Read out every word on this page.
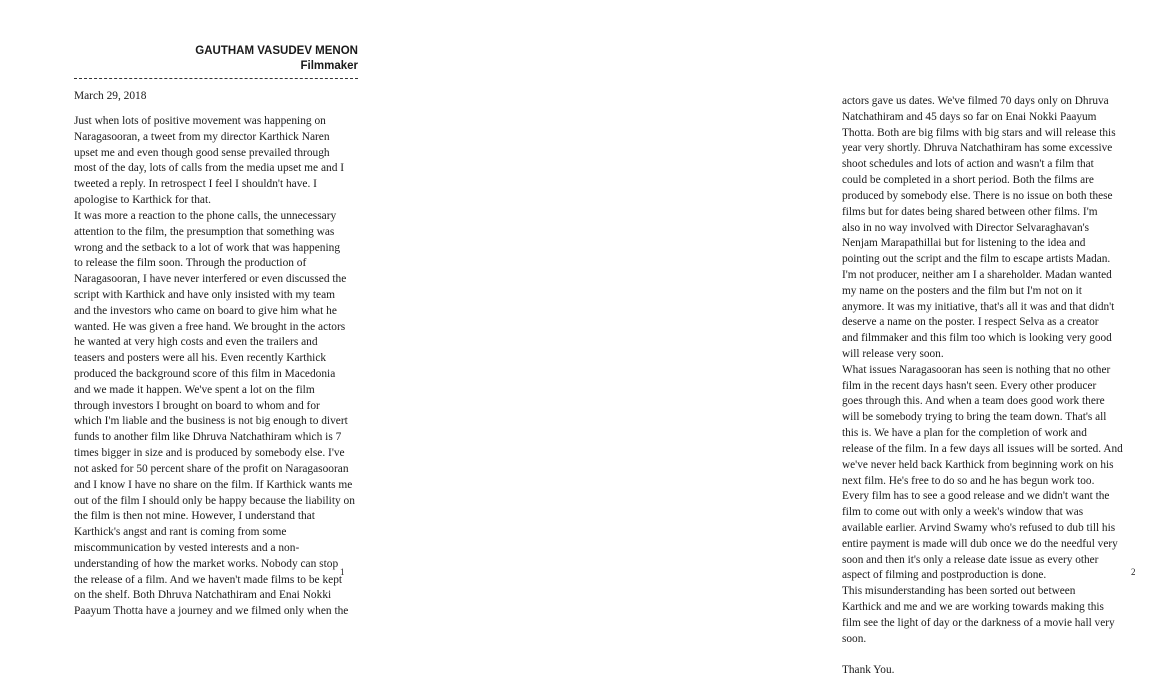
GAUTHAM VASUDEV MENON
Filmmaker
March 29, 2018
Just when lots of positive movement was happening on
Naragasooran, a tweet from my director Karthick Naren
upset me and even though good sense prevailed through
most of the day, lots of calls from the media upset me and I
tweeted a reply. In retrospect I feel I shouldn't have. I
apologise to Karthick for that.
It was more a reaction to the phone calls, the unnecessary
attention to the film, the presumption that something was
wrong and the setback to a lot of work that was happening
to release the film soon. Through the production of
Naragasooran, I have never interfered or even discussed the
script with Karthick and have only insisted with my team
and the investors who came on board to give him what he
wanted. He was given a free hand. We brought in the actors
he wanted at very high costs and even the trailers and
teasers and posters were all his. Even recently Karthick
produced the background score of this film in Macedonia
and we made it happen. We've spent a lot on the film
through investors I brought on board to whom and for
which I'm liable and the business is not big enough to divert
funds to another film like Dhruva Natchathiram which is 7
times bigger in size and is produced by somebody else. I've
not asked for 50 percent share of the profit on Naragasooran
and I know I have no share on the film. If Karthick wants me
out of the film I should only be happy because the liability on
the film is then not mine. However, I understand that
Karthick's angst and rant is coming from some
miscommunication by vested interests and a non-
understanding of how the market works. Nobody can stop
the release of a film. And we haven't made films to be kept
on the shelf. Both Dhruva Natchathiram and Enai Nokki
Paayum Thotta have a journey and we filmed only when the
1
actors gave us dates. We've filmed 70 days only on Dhruva
Natchathiram and 45 days so far on Enai Nokki Paayum
Thotta. Both are big films with big stars and will release this
year very shortly. Dhruva Natchathiram has some excessive
shoot schedules and lots of action and wasn't a film that
could be completed in a short period. Both the films are
produced by somebody else. There is no issue on both these
films but for dates being shared between other films. I'm
also in no way involved with Director Selvaraghavan's
Nenjam Marapathillai but for listening to the idea and
pointing out the script and the film to escape artists Madan.
I'm not producer, neither am I a shareholder. Madan wanted
my name on the posters and the film but I'm not on it
anymore. It was my initiative, that's all it was and that didn't
deserve a name on the poster. I respect Selva as a creator
and filmmaker and this film too which is looking very good
will release very soon.
What issues Naragasooran has seen is nothing that no other
film in the recent days hasn't seen. Every other producer
goes through this. And when a team does good work there
will be somebody trying to bring the team down. That's all
this is. We have a plan for the completion of work and
release of the film. In a few days all issues will be sorted. And
we've never held back Karthick from beginning work on his
next film. He's free to do so and he has begun work too.
Every film has to see a good release and we didn't want the
film to come out with only a week's window that was
available earlier. Arvind Swamy who's refused to dub till his
entire payment is made will dub once we do the needful very
soon and then it's only a release date issue as every other
aspect of filming and postproduction is done.
This misunderstanding has been sorted out between
Karthick and me and we are working towards making this
film see the light of day or the darkness of a movie hall very
soon.
Thank You.
2
